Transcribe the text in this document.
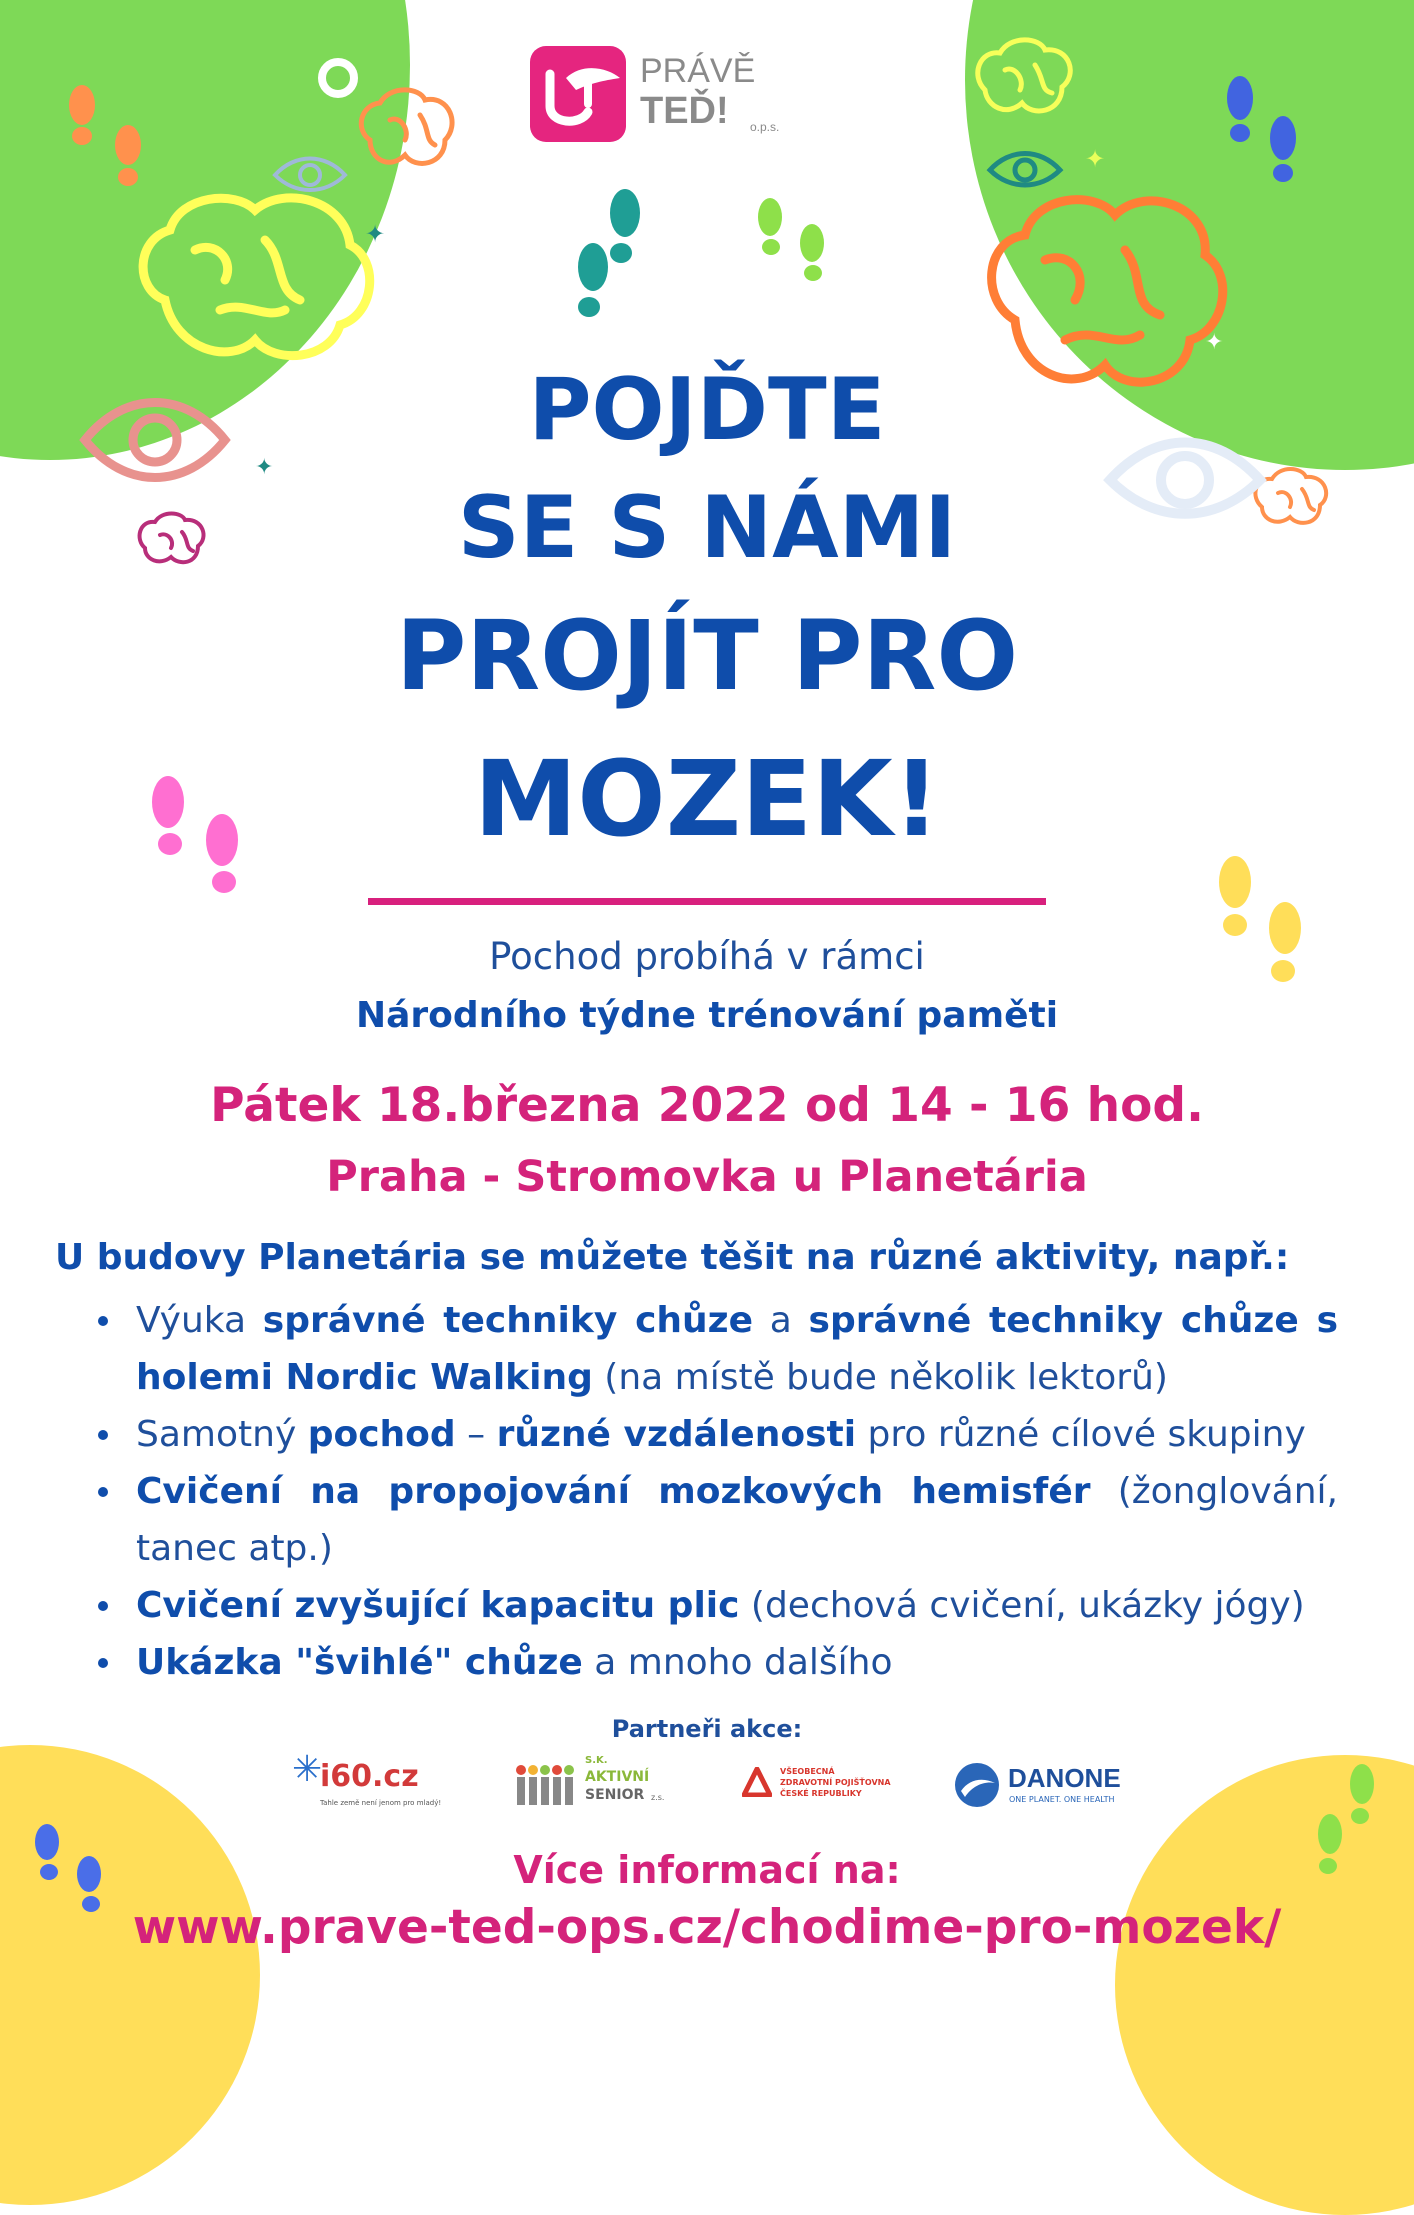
✦
✦
✦
✦
PRÁVĚ
TEĎ! o.p.s.
POJĎTE
SE S NÁMI
PROJÍT PRO
MOZEK!
Pochod probíhá v rámci
Národního týdne trénování paměti
Pátek 18.března 2022 od 14 - 16 hod.
Praha - Stromovka u Planetária
U budovy Planetária se můžete těšit na různé aktivity, např.:
Výuka správné techniky chůze a správné techniky chůze s holemi Nordic Walking (na místě bude několik lektorů)
Samotný pochod – různé vzdálenosti pro různé cílové skupiny
Cvičení na propojování mozkových hemisfér (žonglování, tanec atp.)
Cvičení zvyšující kapacitu plic (dechová cvičení, ukázky jógy)
Ukázka "švihlé" chůze a mnoho dalšího
Partneři akce:
✳
i60.cz
Tahle země není jenom pro mladý!
S.K.
AKTIVNÍ
SENIOR z.s.
VŠEOBECNÁ
ZDRAVOTNÍ POJIŠŤOVNA
ČESKÉ REPUBLIKY
DANONE
ONE PLANET. ONE HEALTH
Více informací na:
www.prave-ted-ops.cz/chodime-pro-mozek/
